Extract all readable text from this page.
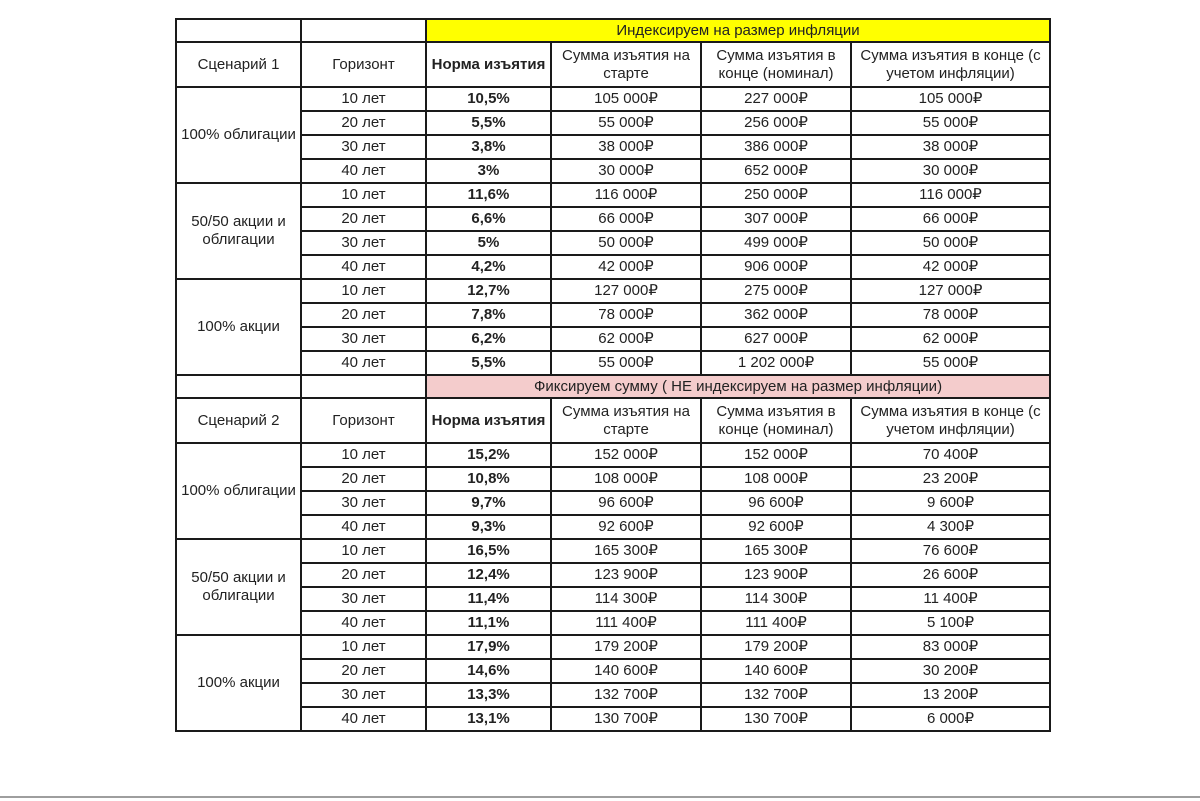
		Индексируем на размер инфляции			
Сценарий 1	Горизонт	Норма изъятия	Сумма изъятия на старте	Сумма изъятия в конце (номинал)	Сумма изъятия в конце (с учетом инфляции)
100% облигации	10 лет	10,5%	105 000₽	227 000₽	105 000₽
	20 лет	5,5%	55 000₽	256 000₽	55 000₽
	30 лет	3,8%	38 000₽	386 000₽	38 000₽
	40 лет	3%	30 000₽	652 000₽	30 000₽
50/50 акции и облигации	10 лет	11,6%	116 000₽	250 000₽	116 000₽
	20 лет	6,6%	66 000₽	307 000₽	66 000₽
	30 лет	5%	50 000₽	499 000₽	50 000₽
	40 лет	4,2%	42 000₽	906 000₽	42 000₽
100% акции	10 лет	12,7%	127 000₽	275 000₽	127 000₽
	20 лет	7,8%	78 000₽	362 000₽	78 000₽
	30 лет	6,2%	62 000₽	627 000₽	62 000₽
	40 лет	5,5%	55 000₽	1 202 000₽	55 000₽
		Фиксируем сумму ( НЕ индексируем на размер инфляции)			
Сценарий 2	Горизонт	Норма изъятия	Сумма изъятия на старте	Сумма изъятия в конце (номинал)	Сумма изъятия в конце (с учетом инфляции)
100% облигации	10 лет	15,2%	152 000₽	152 000₽	70 400₽
	20 лет	10,8%	108 000₽	108 000₽	23 200₽
	30 лет	9,7%	96 600₽	96 600₽	9 600₽
	40 лет	9,3%	92 600₽	92 600₽	4 300₽
50/50 акции и облигации	10 лет	16,5%	165 300₽	165 300₽	76 600₽
	20 лет	12,4%	123 900₽	123 900₽	26 600₽
	30 лет	11,4%	114 300₽	114 300₽	11 400₽
	40 лет	11,1%	111 400₽	111 400₽	5 100₽
100% акции	10 лет	17,9%	179 200₽	179 200₽	83 000₽
	20 лет	14,6%	140 600₽	140 600₽	30 200₽
	30 лет	13,3%	132 700₽	132 700₽	13 200₽
	40 лет	13,1%	130 700₽	130 700₽	6 000₽
